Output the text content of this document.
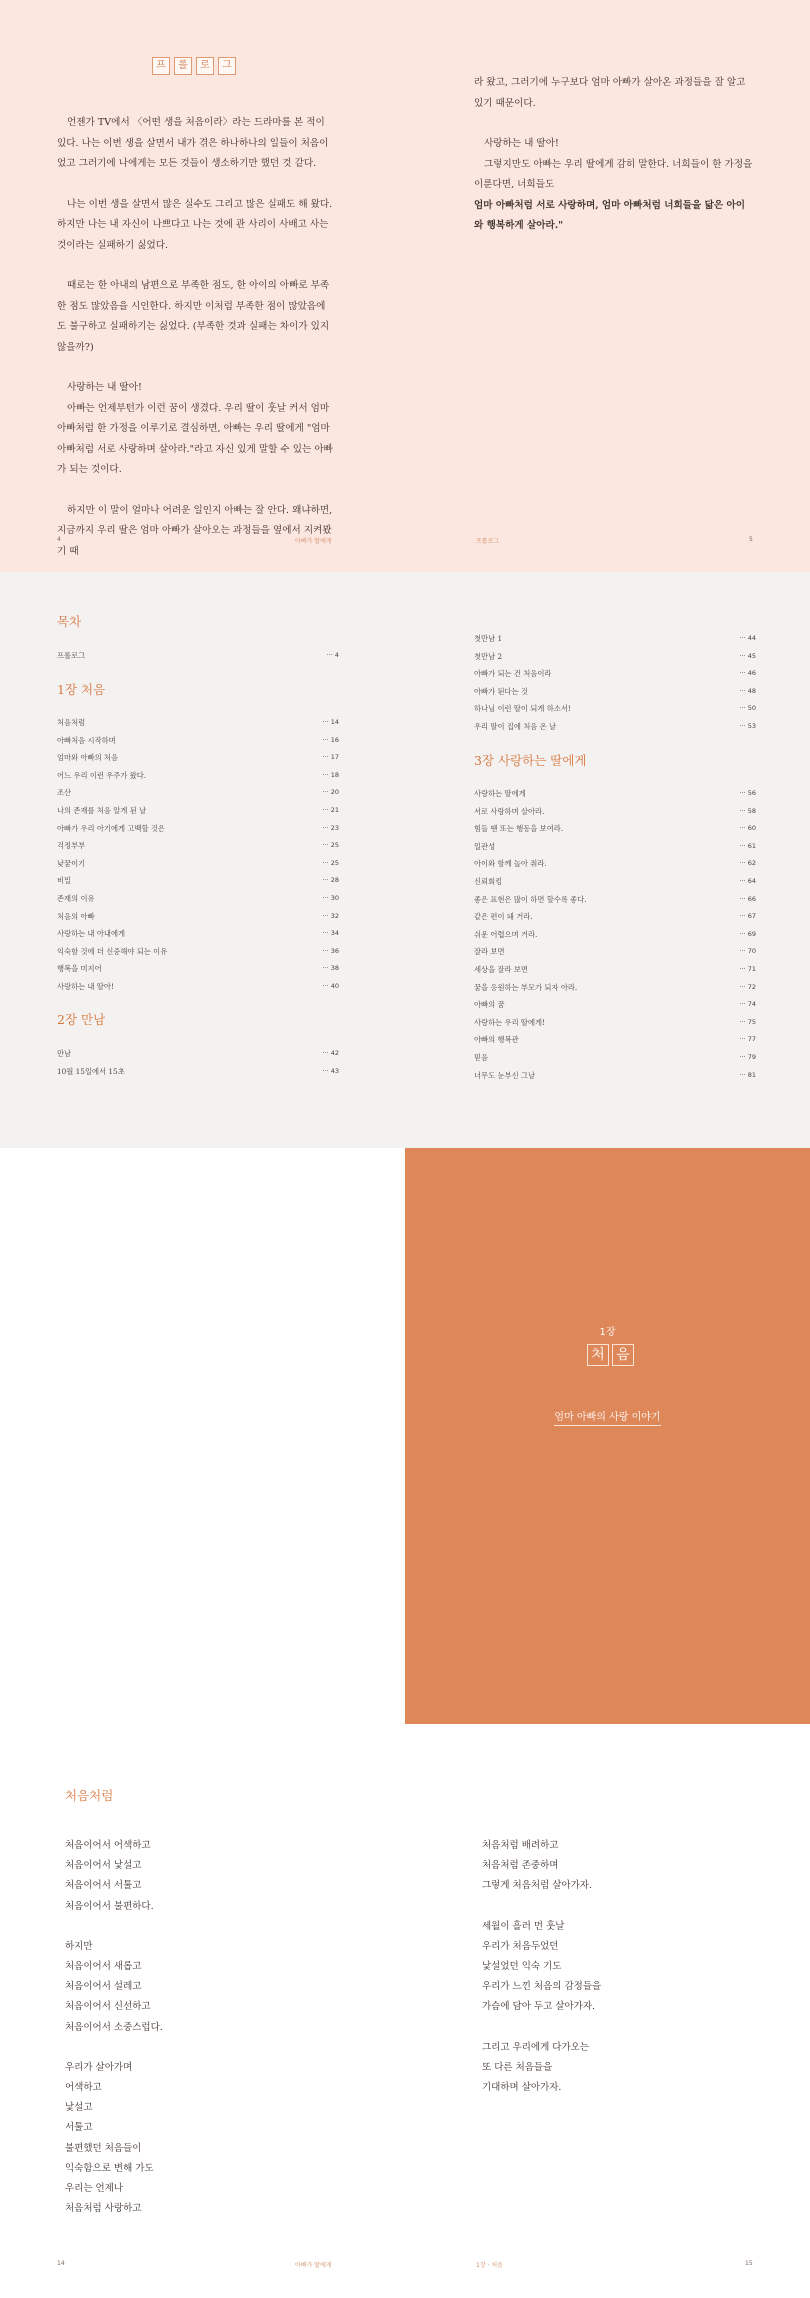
프	롤	로	그

언젠가 TV에서 〈어떤 생을 처음이라〉라는 드라마를 본 적이 있다. 나는 이번 생을 살면서 내가 겪은 하나하나의 일들이 처음이었고 그러기에 나에게는 모든 것들이 생소하기만 했던 것 같다.

나는 이번 생을 살면서 많은 실수도 그리고 많은 실패도 해 왔다. 하지만 나는 내 자신이 나쁘다고 나는 것에 관 사리이 사배고 사는 것이라는 실패하기 싫었다.

때로는 한 아내의 남편으로 부족한 점도, 한 아이의 아빠로 부족한 점도 많았음을 시인한다. 하지만 이처럼 부족한 점이 많았음에도 불구하고 실패하기는 싫었다. (부족한 것과 실패는 차이가 있지 않을까?)

사랑하는 내 딸아!

아빠는 언제부턴가 이런 꿈이 생겼다. 우리 딸이 훗날 커서 엄마 아빠처럼 한 가정을 이루기로 결심하면, 아빠는 우리 딸에게 "엄마 아빠처럼 서로 사랑하며 살아라."라고 자신 있게 말할 수 있는 아빠가 되는 것이다.

하지만 이 말이 얼마나 어려운 일인지 아빠는 잘 안다. 왜냐하면, 지금까지 우리 딸은 엄마 아빠가 살아오는 과정들을 옆에서 지켜봤기 때

라 왔고, 그러기에 누구보다 엄마 아빠가 살아온 과정들을 잘 알고 있기 때문이다.

사랑하는 내 딸아!

그렇지만도 아빠는 우리 딸에게 감히 말한다. 너희들이 한 가정을 이룬다면, 너희들도

엄마 아빠처럼 서로 사랑하며, 엄마 아빠처럼 너희들을 닮은 아이와 행복하게 살아라."

4	아빠가 딸에게	프롤로그	5
목차
프롤로그	··· 4
1장 처음
처음처럼	··· 14
아빠처음 시작하며	··· 16
엄마와 아빠의 처음	··· 17
어느 우리 이런 우주가 왔다.	··· 18
조산	··· 20
나의 존재를 처음 알게 된 날	··· 21
아빠가 우리 아기에게 고백할 것은	··· 23
걱정부부	··· 25
낮꿈이기	··· 25
비밀	··· 28
존재의 이유	··· 30
처음의 아빠	··· 32
사랑하는 내 아내에게	··· 34
익숙함 것에 더 신중해야 되는 이유	··· 36
행복을 미지어	··· 38
사랑하는 내 딸아!	··· 40
2장 만남
만남	··· 42
10월 15일에서 15초	··· 43
첫만남 1	··· 44
첫만남 2	··· 45
아빠가 되는 건 처음이라	··· 46
아빠가 된다는 것	··· 48
하나님 이런 딸이 되게 하소서!	··· 50
우리 딸이 집에 처음 온 날	··· 53
3장 사랑하는 딸에게
사랑하는 딸에게	··· 56
서로 사랑하며 살아라.	··· 58
힘들 땐 또는 행동을 보여라.	··· 60
일관성	··· 61
아이와 함께 놀아 줘라.	··· 62
신뢰회킹	··· 64
좋은 표현은 많이 하면 할수록 좋다.	··· 66
같은 편이 돼 거라.	··· 67
쉬운 어렵으며 거라.	··· 69
잘라 보면	··· 70
세상을 잘라 보면	··· 71
꿈을 응원하는 부모가 되자 아라.	··· 72
아빠의 꿈	··· 74
사랑하는 우리 딸에게!	··· 75
아빠의 행복관	··· 77
믿음	··· 79
너무도 눈부신 그날	··· 81
1장
처 음
엄마 아빠의 사랑 이야기
처음처럼
처음이어서 어색하고
처음이어서 낯설고
처음이어서 서툴고
처음이어서 불편하다.
하지만
처음이어서 새롭고
처음이어서 설레고
처음이어서 신선하고
처음이어서 소중스럽다.
우리가 살아가며
어색하고
낯설고
서툴고
불편했던 처음들이
익숙함으로 변해 가도
우리는 언제나
처음처럼 사랑하고
처음처럼 배려하고
처음처럼 존중하며
그렇게 처음처럼 살아가자.
세월이 흘러 먼 훗날
우리가 처음두었던
낯설었던 익숙 기도
우리가 느낀 처음의 감정들을
가슴에 담아 두고 살아가자.
그리고 우리에게 다가오는
또 다른 처음들을
기대하며 살아가자.
14	아빠가 딸에게	1장 · 처음	15
